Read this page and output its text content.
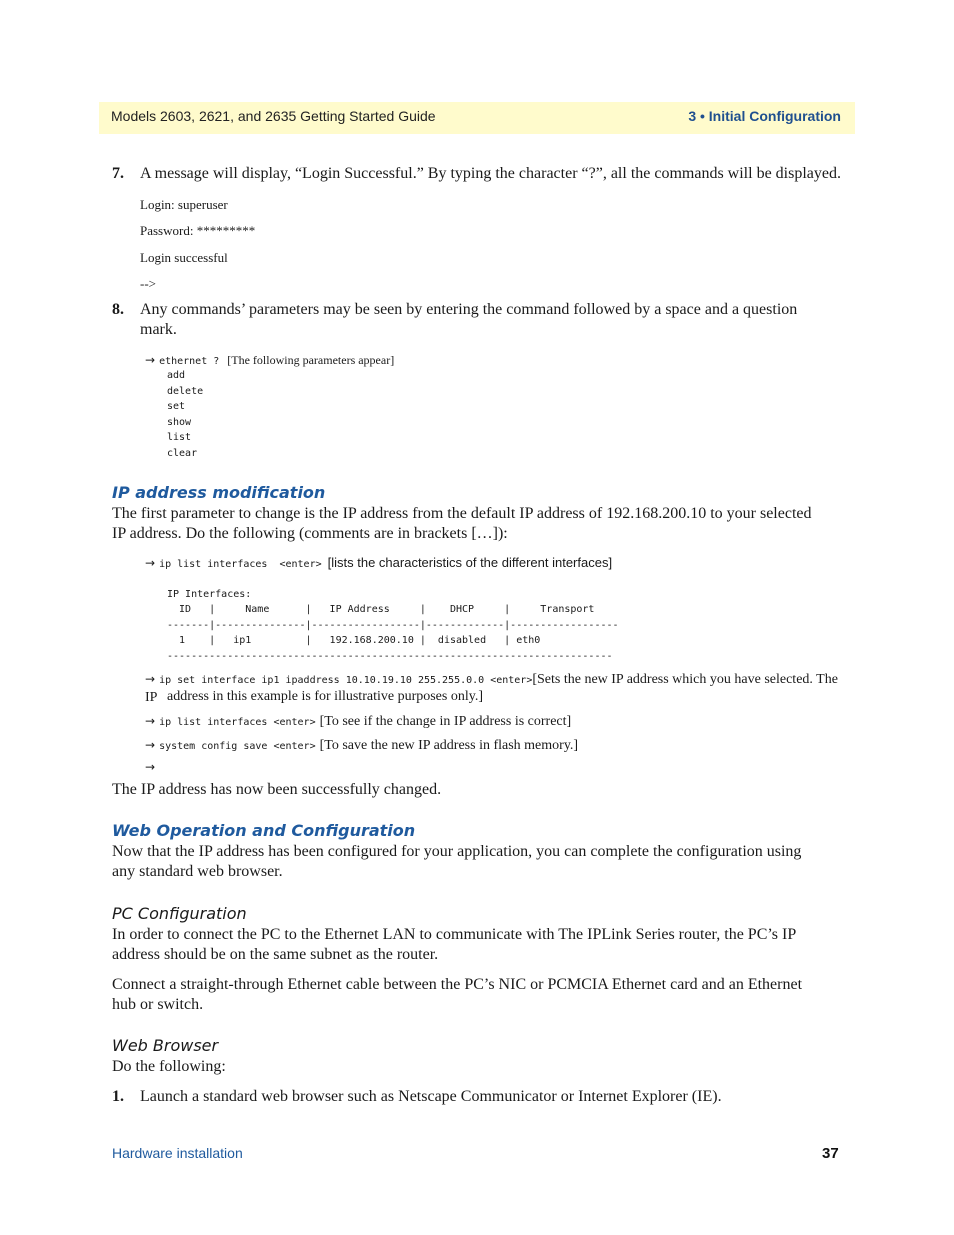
Models 2603, 2621, and 2635 Getting Started Guide	3 • Initial Configuration
7. A message will display, “Login Successful.” By typing the character “?”, all the commands will be displayed.
Login: superuser
Password: *********
Login successful
-->
8. Any commands’ parameters may be seen by entering the command followed by a space and a question
mark.
→ ethernet ? [The following parameters appear]
add
delete
set
show
list
clear
IP address modification
The first parameter to change is the IP address from the default IP address of 192.168.200.10 to your selected
IP address. Do the following (comments are in brackets […]):
→ ip list interfaces  <enter> [lists the characteristics of the different interfaces]
IP Interfaces:
ID   |     Name      |   IP Address     |    DHCP     |     Transport
-------|---------------|------------------|-------------|------------------
1    |   ip1         |   192.168.200.10 |  disabled   | eth0
--------------------------------------------------------------------------
→ ip set interface ip1 ipaddress 10.10.19.10 255.255.0.0 <enter>[Sets the new IP address which you have selected. The IP address in this example is for illustrative purposes only.]
→ ip list interfaces <enter> [To see if the change in IP address is correct]
→ system config save <enter> [To save the new IP address in flash memory.]
→
The IP address has now been successfully changed.
Web Operation and Configuration
Now that the IP address has been configured for your application, you can complete the configuration using
any standard web browser.
PC Configuration
In order to connect the PC to the Ethernet LAN to communicate with The IPLink Series router, the PC’s IP
address should be on the same subnet as the router.
Connect a straight-through Ethernet cable between the PC’s NIC or PCMCIA Ethernet card and an Ethernet
hub or switch.
Web Browser
Do the following:
1. Launch a standard web browser such as Netscape Communicator or Internet Explorer (IE).
Hardware installation	37
